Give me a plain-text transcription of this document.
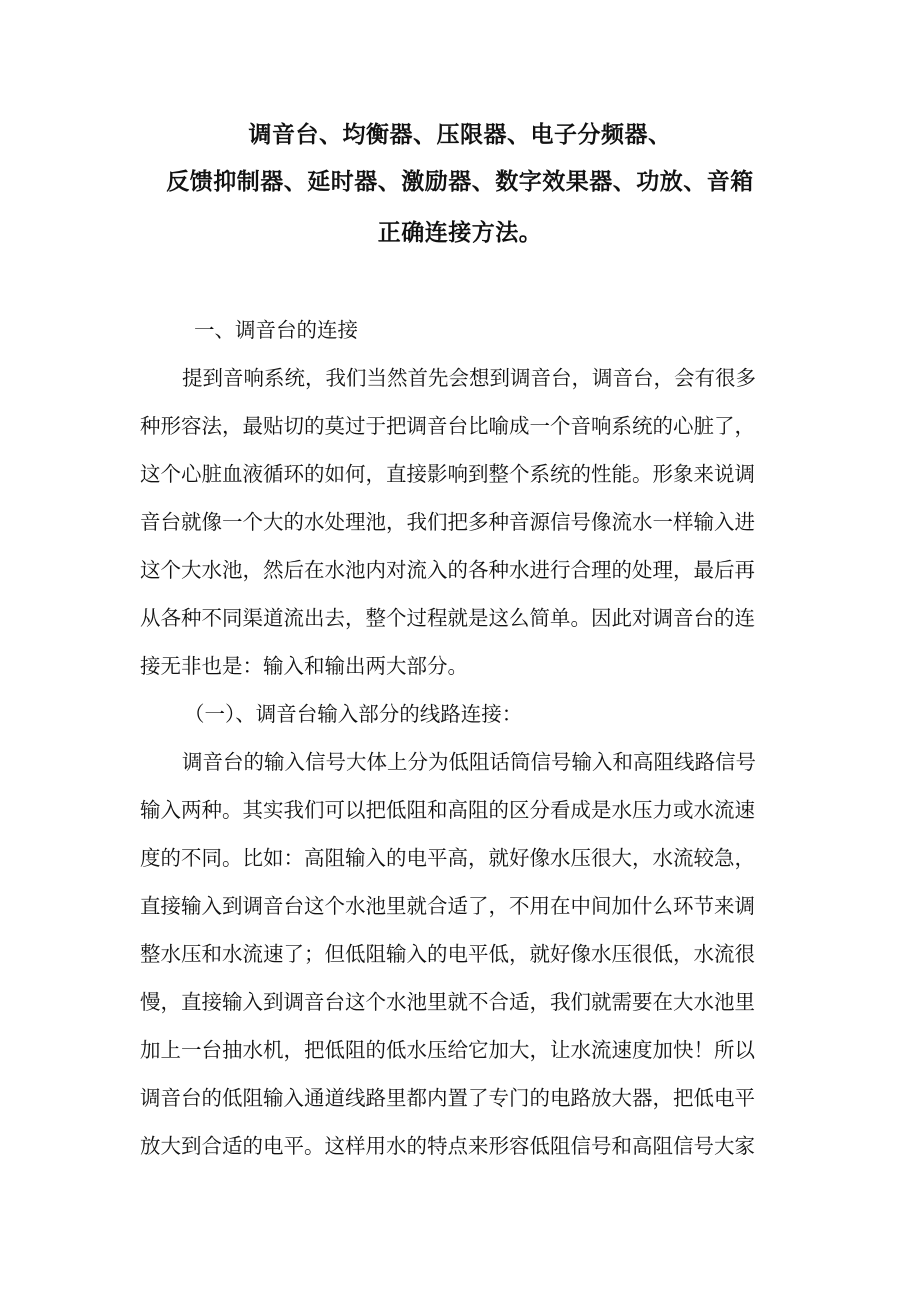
调音台、均衡器、压限器、电子分频器、
反馈抑制器、延时器、激励器、数字效果器、功放、音箱
正确连接方法。
一、调音台的连接
提到音响系统，我们当然首先会想到调音台，调音台，会有很多
种形容法，最贴切的莫过于把调音台比喻成一个音响系统的心脏了，
这个心脏血液循环的如何，直接影响到整个系统的性能。形象来说调
音台就像一个大的水处理池，我们把多种音源信号像流水一样输入进
这个大水池，然后在水池内对流入的各种水进行合理的处理，最后再
从各种不同渠道流出去，整个过程就是这么简单。因此对调音台的连
接无非也是：输入和输出两大部分。
（一）、调音台输入部分的线路连接：
调音台的输入信号大体上分为低阻话筒信号输入和高阻线路信号
输入两种。其实我们可以把低阻和高阻的区分看成是水压力或水流速
度的不同。比如：高阻输入的电平高，就好像水压很大，水流较急，
直接输入到调音台这个水池里就合适了，不用在中间加什么环节来调
整水压和水流速了；但低阻输入的电平低，就好像水压很低，水流很
慢，直接输入到调音台这个水池里就不合适，我们就需要在大水池里
加上一台抽水机，把低阻的低水压给它加大，让水流速度加快！所以
调音台的低阻输入通道线路里都内置了专门的电路放大器，把低电平
放大到合适的电平。这样用水的特点来形容低阻信号和高阻信号大家
